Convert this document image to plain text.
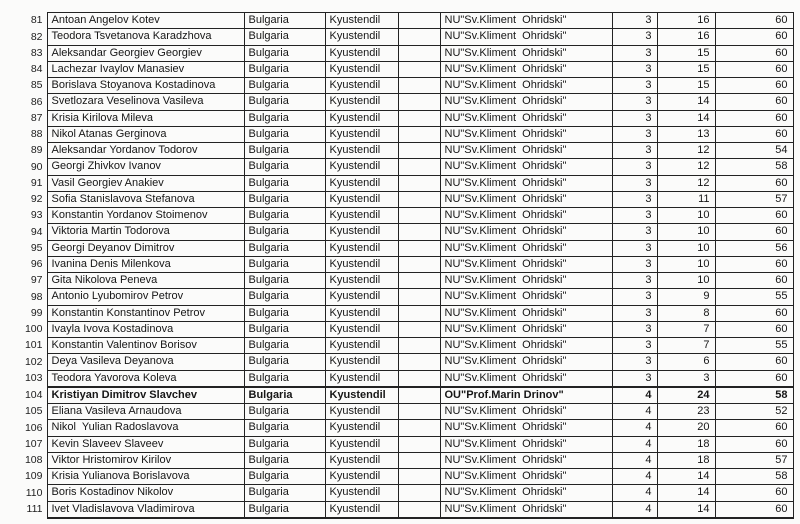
81	Antoan Angelov Kotev	Bulgaria	Kyustendil		NU"Sv.Kliment  Ohridski"	3	16	60
82	Teodora Tsvetanova Karadzhova	Bulgaria	Kyustendil		NU"Sv.Kliment  Ohridski"	3	16	60
83	Aleksandar Georgiev Georgiev	Bulgaria	Kyustendil		NU"Sv.Kliment  Ohridski"	3	15	60
84	Lachezar Ivaylov Manasiev	Bulgaria	Kyustendil		NU"Sv.Kliment  Ohridski"	3	15	60
85	Borislava Stoyanova Kostadinova	Bulgaria	Kyustendil		NU"Sv.Kliment  Ohridski"	3	15	60
86	Svetlozara Veselinova Vasileva	Bulgaria	Kyustendil		NU"Sv.Kliment  Ohridski"	3	14	60
87	Krisia Kirilova Mileva	Bulgaria	Kyustendil		NU"Sv.Kliment  Ohridski"	3	14	60
88	Nikol Atanas Gerginova	Bulgaria	Kyustendil		NU"Sv.Kliment  Ohridski"	3	13	60
89	Aleksandar Yordanov Todorov	Bulgaria	Kyustendil		NU"Sv.Kliment  Ohridski"	3	12	54
90	Georgi Zhivkov Ivanov	Bulgaria	Kyustendil		NU"Sv.Kliment  Ohridski"	3	12	58
91	Vasil Georgiev Anakiev	Bulgaria	Kyustendil		NU"Sv.Kliment  Ohridski"	3	12	60
92	Sofia Stanislavova Stefanova	Bulgaria	Kyustendil		NU"Sv.Kliment  Ohridski"	3	11	57
93	Konstantin Yordanov Stoimenov	Bulgaria	Kyustendil		NU"Sv.Kliment  Ohridski"	3	10	60
94	Viktoria Martin Todorova	Bulgaria	Kyustendil		NU"Sv.Kliment  Ohridski"	3	10	60
95	Georgi Deyanov Dimitrov	Bulgaria	Kyustendil		NU"Sv.Kliment  Ohridski"	3	10	56
96	Ivanina Denis Milenkova	Bulgaria	Kyustendil		NU"Sv.Kliment  Ohridski"	3	10	60
97	Gita Nikolova Peneva	Bulgaria	Kyustendil		NU"Sv.Kliment  Ohridski"	3	10	60
98	Antonio Lyubomirov Petrov	Bulgaria	Kyustendil		NU"Sv.Kliment  Ohridski"	3	9	55
99	Konstantin Konstantinov Petrov	Bulgaria	Kyustendil		NU"Sv.Kliment  Ohridski"	3	8	60
100	Ivayla Ivova Kostadinova	Bulgaria	Kyustendil		NU"Sv.Kliment  Ohridski"	3	7	60
101	Konstantin Valentinov Borisov	Bulgaria	Kyustendil		NU"Sv.Kliment  Ohridski"	3	7	55
102	Deya Vasileva Deyanova	Bulgaria	Kyustendil		NU"Sv.Kliment  Ohridski"	3	6	60
103	Teodora Yavorova Koleva	Bulgaria	Kyustendil		NU"Sv.Kliment  Ohridski"	3	3	60
104	Kristiyan Dimitrov Slavchev	Bulgaria	Kyustendil		OU"Prof.Marin Drinov"	4	24	58
105	Eliana Vasileva Arnaudova	Bulgaria	Kyustendil		NU"Sv.Kliment  Ohridski"	4	23	52
106	Nikol  Yulian Radoslavova	Bulgaria	Kyustendil		NU"Sv.Kliment  Ohridski"	4	20	60
107	Kevin Slaveev Slaveev	Bulgaria	Kyustendil		NU"Sv.Kliment  Ohridski"	4	18	60
108	Viktor Hristomirov Kirilov	Bulgaria	Kyustendil		NU"Sv.Kliment  Ohridski"	4	18	57
109	Krisia Yulianova Borislavova	Bulgaria	Kyustendil		NU"Sv.Kliment  Ohridski"	4	14	58
110	Boris Kostadinov Nikolov	Bulgaria	Kyustendil		NU"Sv.Kliment  Ohridski"	4	14	60
111	Ivet Vladislavova Vladimirova	Bulgaria	Kyustendil		NU"Sv.Kliment  Ohridski"	4	14	60
